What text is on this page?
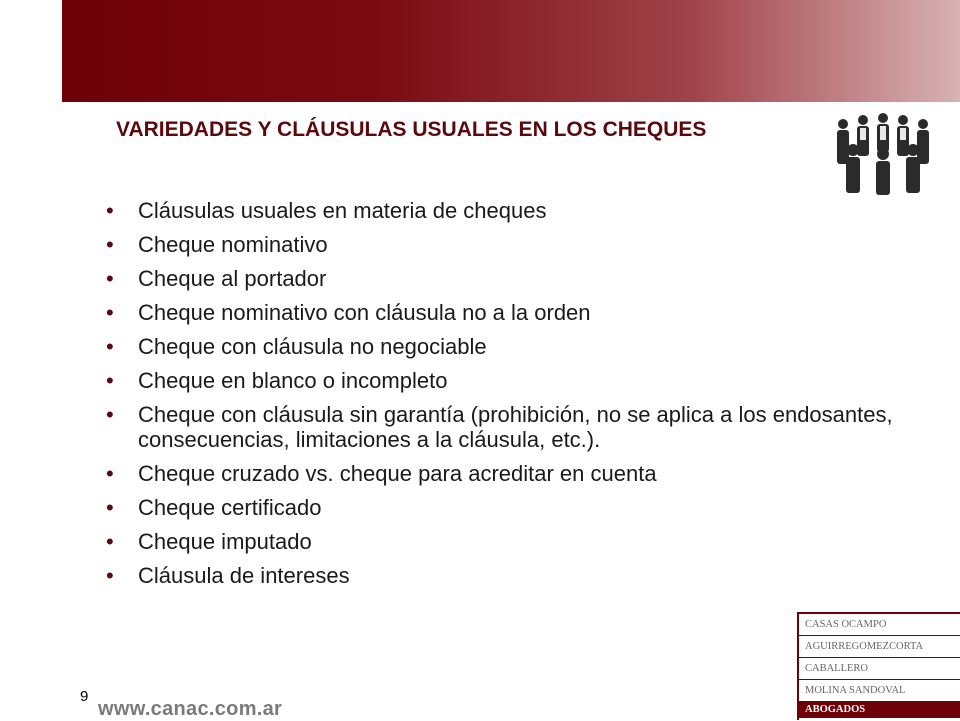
VARIEDADES Y CLÁUSULAS USUALES EN LOS CHEQUES
• Cláusulas usuales en materia de cheques
• Cheque nominativo
• Cheque al portador
• Cheque nominativo con cláusula no a la orden
• Cheque con cláusula no negociable
• Cheque en blanco o incompleto
• Cheque con cláusula sin garantía (prohibición, no se aplica a los endosantes, consecuencias, limitaciones a la cláusula, etc.).
• Cheque cruzado vs. cheque para acreditar en cuenta
• Cheque certificado
• Cheque imputado
• Cláusula de intereses
9
www.canac.com.ar
CASAS OCAMPO
AGUIRREGOMEZCORTA
CABALLERO
MOLINA SANDOVAL
ABOGADOS
